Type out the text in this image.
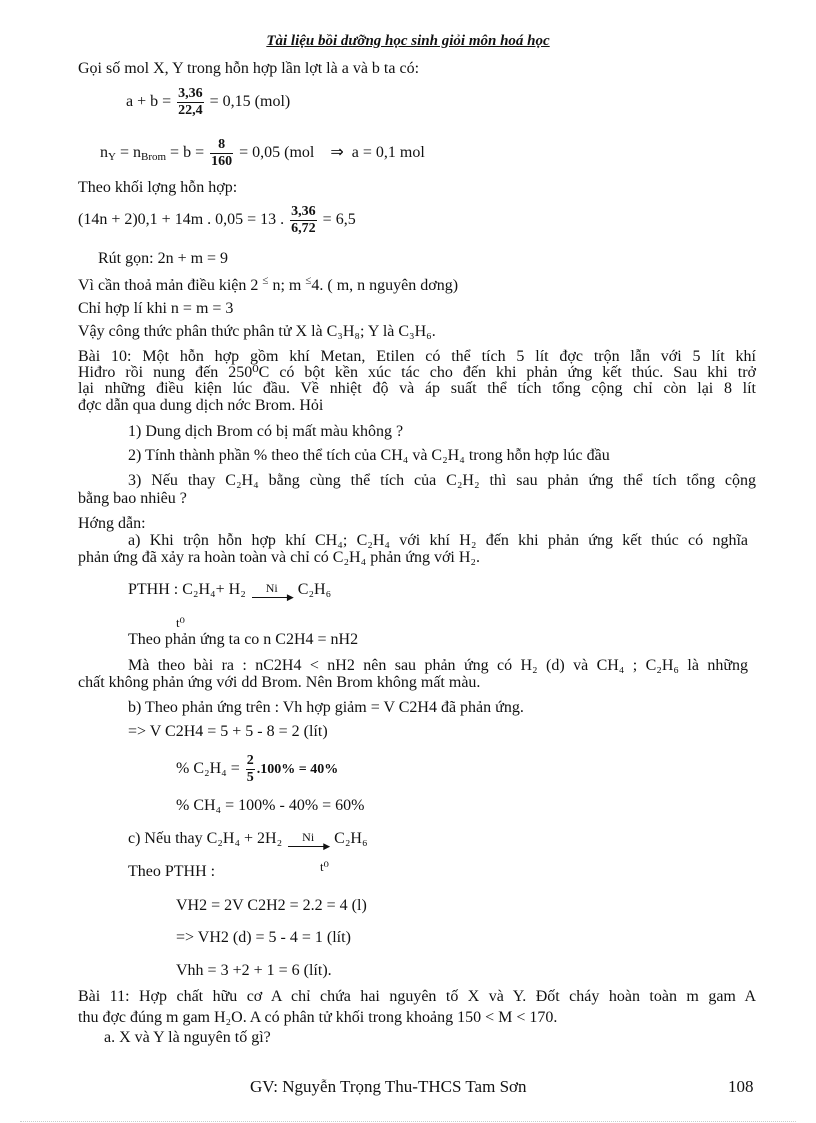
Tài liệu bồi dưỡng học sinh giỏi môn hoá học
Gọi số mol X, Y trong hỗn hợp lần lợt là a và b ta có:
$a + b = \frac{3,36}{22,4} = 0,15$ (mol)
$n_Y = n_{Brom} = b = \frac{8}{160} = 0,05$ (mol ⇒ a = 0,1 mol
Theo khối lợng hỗn hợp:
(14n + 2)0,1 + 14m . 0,05 = 13 . $\frac{3,36}{6,72} = 6,5$
Rút gọn: 2n + m = 9
Vì cần thoả mản điều kiện 2 ≤ n; m ≤4. ( m, n nguyên dơng)
Chỉ hợp lí khi n = m = 3
Vậy công thức phân thức phân tử X là C₃H₈; Y là C₃H₆.
Bài 10: Một hỗn hợp gồm khí Metan, Etilen có thể tích 5 lít đợc trộn lẫn với 5 lít khí
Hiđro rồi nung đến 250⁰C có bột kền xúc tác cho đến khi phản ứng kết thúc. Sau khi trở
lại những điều kiện lúc đầu. Về nhiệt độ và áp suất thể tích tổng cộng chỉ còn lại 8 lít
đợc dẫn qua dung dịch nớc Brom. Hỏi
1) Dung dịch Brom có bị mất màu không ?
2) Tính thành phần % theo thể tích của CH₄ và C₂H₄ trong hỗn hợp lúc đầu
3) Nếu thay C₂H₄ bằng cùng thể tích của C₂H₂ thì sau phản ứng thể tích tổng cộng
bằng bao nhiêu ?
Hớng dẫn:
a) Khi trộn hỗn hợp khí CH₄; C₂H₄ với khí H₂ đến khi phản ứng kết thúc có nghĩa
phản ứng đã xảy ra hoàn toàn và chỉ có C₂H₄ phản ứng với H₂.
PTHH : C₂H₄+ H₂	Ni
▶ C₂H₆
t⁰
Theo phản ứng ta co n C2H4 = nH2
Mà theo bài ra : nC2H4 < nH2 nên sau phản ứng có H₂ (d) và CH₄ ; C₂H₆ là những
chất không phản ứng với dd Brom. Nên Brom không mất màu.
b) Theo phản ứng trên : Vh hợp giảm = V C2H4 đã phản ứng.
=> V C2H4 = 5 + 5 - 8 = 2 (lít)
% $C_2H_4 = \frac{2}{5} .100\% = 40\%$
% CH₄ = 100% - 40% = 60%
c) Nếu thay C₂H₄ + 2H₂	Ni
▶ C₂H₆
Theo PTHH :	t⁰
VH2 = 2V C2H2 = 2.2 = 4 (l)
=> VH2 (d) = 5 - 4 = 1 (lít)
Vhh = 3 +2 + 1 = 6 (lít).
Bài 11: Hợp chất hữu cơ A chỉ chứa hai nguyên tố X và Y. Đốt cháy hoàn toàn m gam A
thu đợc đúng m gam H₂O. A có phân tử khối trong khoảng 150 < M < 170.
a. X và Y là nguyên tố gì?
GV: Nguyễn Trọng Thu-THCS Tam Sơn	108
